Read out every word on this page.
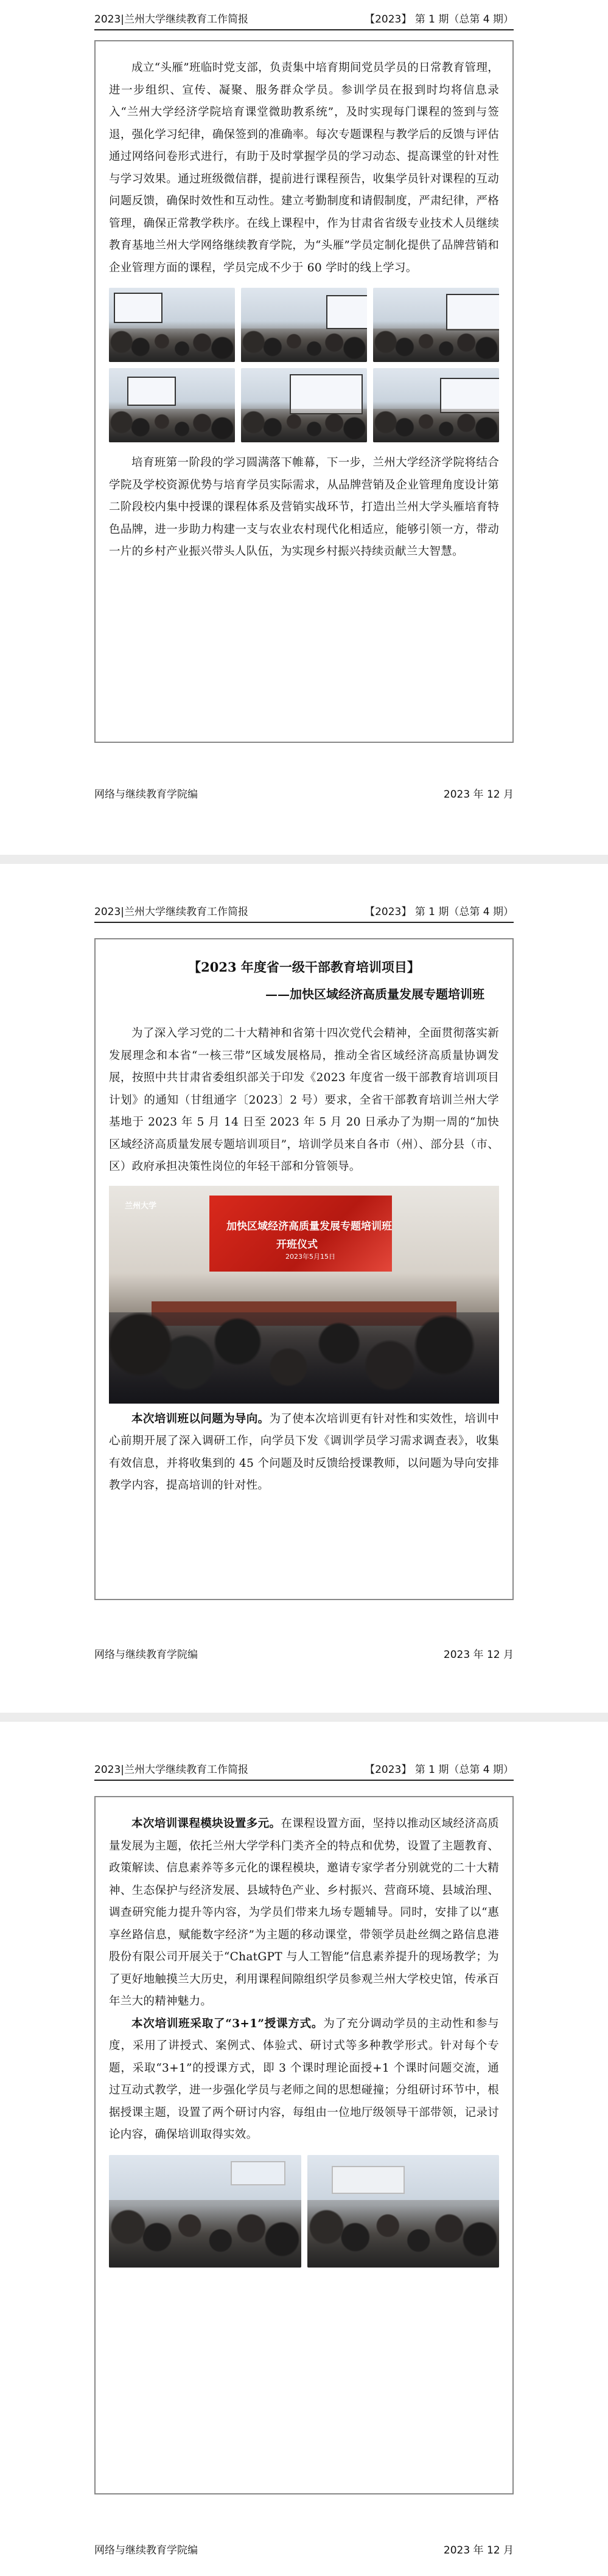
2023|兰州大学继续教育工作简报	【2023】 第 1 期（总第 4 期）

成立“头雁”班临时党支部，负责集中培育期间党员学员的日常教育管理，进一步组织、宣传、凝聚、服务群众学员。参训学员在报到时均将信息录入“兰州大学经济学院培育课堂微助教系统”，及时实现每门课程的签到与签退，强化学习纪律，确保签到的准确率。每次专题课程与教学后的反馈与评估通过网络问卷形式进行，有助于及时掌握学员的学习动态、提高课堂的针对性与学习效果。通过班级微信群，提前进行课程预告，收集学员针对课程的互动问题反馈，确保时效性和互动性。建立考勤制度和请假制度，严肃纪律，严格管理，确保正常教学秩序。在线上课程中，作为甘肃省省级专业技术人员继续教育基地兰州大学网络继续教育学院，为“头雁”学员定制化提供了品牌营销和企业管理方面的课程，学员完成不少于 60 学时的线上学习。

培育班第一阶段的学习圆满落下帷幕，下一步，兰州大学经济学院将结合学院及学校资源优势与培育学员实际需求，从品牌营销及企业管理角度设计第二阶段校内集中授课的课程体系及营销实战环节，打造出兰州大学头雁培育特色品牌，进一步助力构建一支与农业农村现代化相适应，能够引领一方，带动一片的乡村产业振兴带头人队伍，为实现乡村振兴持续贡献兰大智慧。

网络与继续教育学院编	2023 年 12 月
2023|兰州大学继续教育工作简报	【2023】 第 1 期（总第 4 期）
【2023 年度省一级干部教育培训项目】
——加快区域经济高质量发展专题培训班

为了深入学习党的二十大精神和省第十四次党代会精神，全面贯彻落实新发展理念和本省“一核三带”区域发展格局，推动全省区域经济高质量协调发展，按照中共甘肃省委组织部关于印发《2023 年度省一级干部教育培训项目计划》的通知（甘组通字〔2023〕2 号）要求，全省干部教育培训兰州大学基地于 2023 年 5 月 14 日至 2023 年 5 月 20 日承办了为期一周的“加快区域经济高质量发展专题培训项目”，培训学员来自各市（州）、部分县（市、区）政府承担决策性岗位的年轻干部和分管领导。

兰州大学
加快区域经济高质量发展专题培训班
开班仪式
2023年5月15日

本次培训班以问题为导向。为了使本次培训更有针对性和实效性，培训中心前期开展了深入调研工作，向学员下发《调训学员学习需求调查表》，收集有效信息，并将收集到的 45 个问题及时反馈给授课教师，以问题为导向安排教学内容，提高培训的针对性。

网络与继续教育学院编	2023 年 12 月
2023|兰州大学继续教育工作简报	【2023】 第 1 期（总第 4 期）

本次培训课程模块设置多元。在课程设置方面，坚持以推动区域经济高质量发展为主题，依托兰州大学学科门类齐全的特点和优势，设置了主题教育、政策解读、信息素养等多元化的课程模块，邀请专家学者分别就党的二十大精神、生态保护与经济发展、县域特色产业、乡村振兴、营商环境、县域治理、调查研究能力提升等内容，为学员们带来九场专题辅导。同时，安排了以“惠享丝路信息，赋能数字经济”为主题的移动课堂，带领学员赴丝绸之路信息港股份有限公司开展关于“ChatGPT 与人工智能”信息素养提升的现场教学；为了更好地触摸兰大历史，利用课程间隙组织学员参观兰州大学校史馆，传承百年兰大的精神魅力。

本次培训班采取了“3+1”授课方式。为了充分调动学员的主动性和参与度，采用了讲授式、案例式、体验式、研讨式等多种教学形式。针对每个专题，采取“3+1”的授课方式，即 3 个课时理论面授+1 个课时问题交流，通过互动式教学，进一步强化学员与老师之间的思想碰撞；分组研讨环节中，根据授课主题，设置了两个研讨内容，每组由一位地厅级领导干部带领，记录讨论内容，确保培训取得实效。

网络与继续教育学院编	2023 年 12 月
